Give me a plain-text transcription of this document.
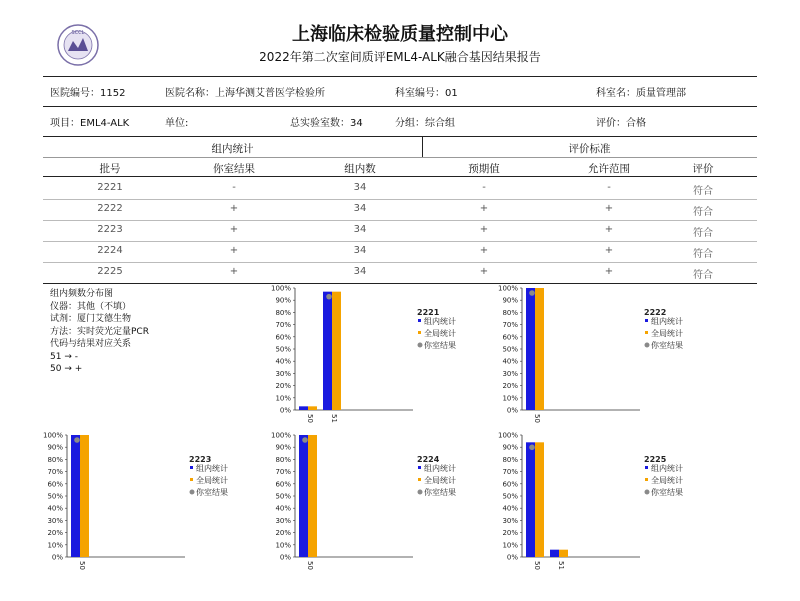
SCCL	上海临床检验质量控制中心
2022年第二次室间质评EML4-ALK融合基因结果报告
医院编号：1152	医院名称：上海华测艾普医学检验所	科室编号：01	科室名：质量管理部
项目：EML4-ALK	单位:	总实验室数：34	分组：综合组	评价：合格
组内统计	评价标准
批号	你室结果	组内数	预期值	允许范围	评价
2221	-	34	-	-	符合
2222	+	34	+	+	符合
2223	+	34	+	+	符合
2224	+	34	+	+	符合
2225	+	34	+	+	符合
组内频数分布图
仪器：其他（不填）
试剂：厦门艾德生物
方法：实时荧光定量PCR
代码与结果对应关系
51 → -
50 → +
0%
10%
20%
30%
40%
50%
60%
70%
80%
90%
100%
50 51
2221
组内统计
全局统计
你室结果
0%
10%
20%
30%
40%
50%
60%
70%
80%
90%
100%
50
2222
组内统计
全局统计
你室结果
0%
10%
20%
30%
40%
50%
60%
70%
80%
90%
100%
50
2223
组内统计
全局统计
你室结果
0%
10%
20%
30%
40%
50%
60%
70%
80%
90%
100%
50
2224
组内统计
全局统计
你室结果
0%
10%
20%
30%
40%
50%
60%
70%
80%
90%
100%
50 51
2225
组内统计
全局统计
你室结果
